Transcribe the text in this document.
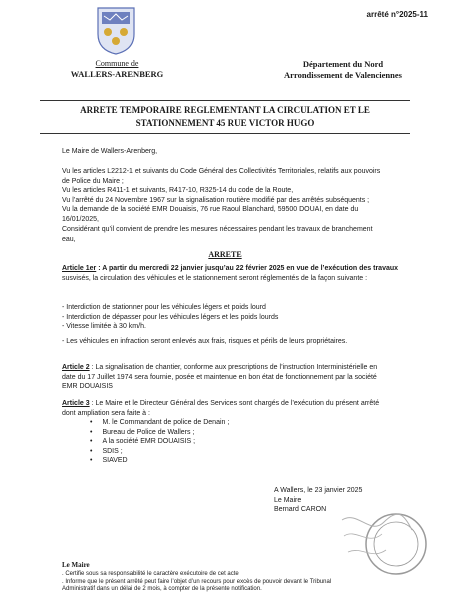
arrêté n°2025-11
Commune de
WALLERS-ARENBERG
Département du Nord
Arrondissement de Valenciennes
ARRETE TEMPORAIRE REGLEMENTANT LA CIRCULATION ET LE
STATIONNEMENT 45 RUE VICTOR HUGO
Le Maire de Wallers-Arenberg,
Vu les articles L2212-1 et suivants du Code Général des Collectivités Territoriales, relatifs aux pouvoirs
de Police du Maire ;
Vu les articles R411-1 et suivants, R417-10, R325-14 du code de la Route,
Vu l’arrêté du 24 Novembre 1967 sur la signalisation routière modifié par des arrêtés subséquents ;
Vu la demande de la société EMR Douaisis, 76 rue Raoul Blanchard, 59500 DOUAI, en date du
16/01/2025,
Considérant qu’il convient de prendre les mesures nécessaires pendant les travaux de branchement
eau,
ARRETE
Article 1er : A partir du mercredi 22 janvier jusqu’au 22 février 2025 en vue de l’exécution des travaux
susvisés, la circulation des véhicules et le stationnement seront réglementés de la façon suivante :
- Interdiction de stationner pour les véhicules légers et poids lourd
- Interdiction de dépasser pour les véhicules légers et les poids lourds
- Vitesse limitée à 30 km/h.
- Les véhicules en infraction seront enlevés aux frais, risques et périls de leurs propriétaires.
Article 2 : La signalisation de chantier, conforme aux prescriptions de l’instruction Interministérielle en
date du 17 Juillet 1974 sera fournie, posée et maintenue en bon état de fonctionnement par la société
EMR DOUAISIS
Article 3 : Le Maire et le Directeur Général des Services sont chargés de l’exécution du présent arrêté
dont ampliation sera faite à :
• M. le Commandant de police de Denain ;
• Bureau de Police de Wallers ;
• A la société EMR DOUAISIS ;
• SDIS ;
• SIAVED
A Wallers, le 23 janvier 2025
Le Maire
Bernard CARON
Le Maire
. Certifie sous sa responsabilité le caractère exécutoire de cet acte
. Informe que le présent arrêté peut faire l’objet d’un recours pour excès de pouvoir devant le Tribunal
Administratif dans un délai de 2 mois, à compter de la présente notification.
